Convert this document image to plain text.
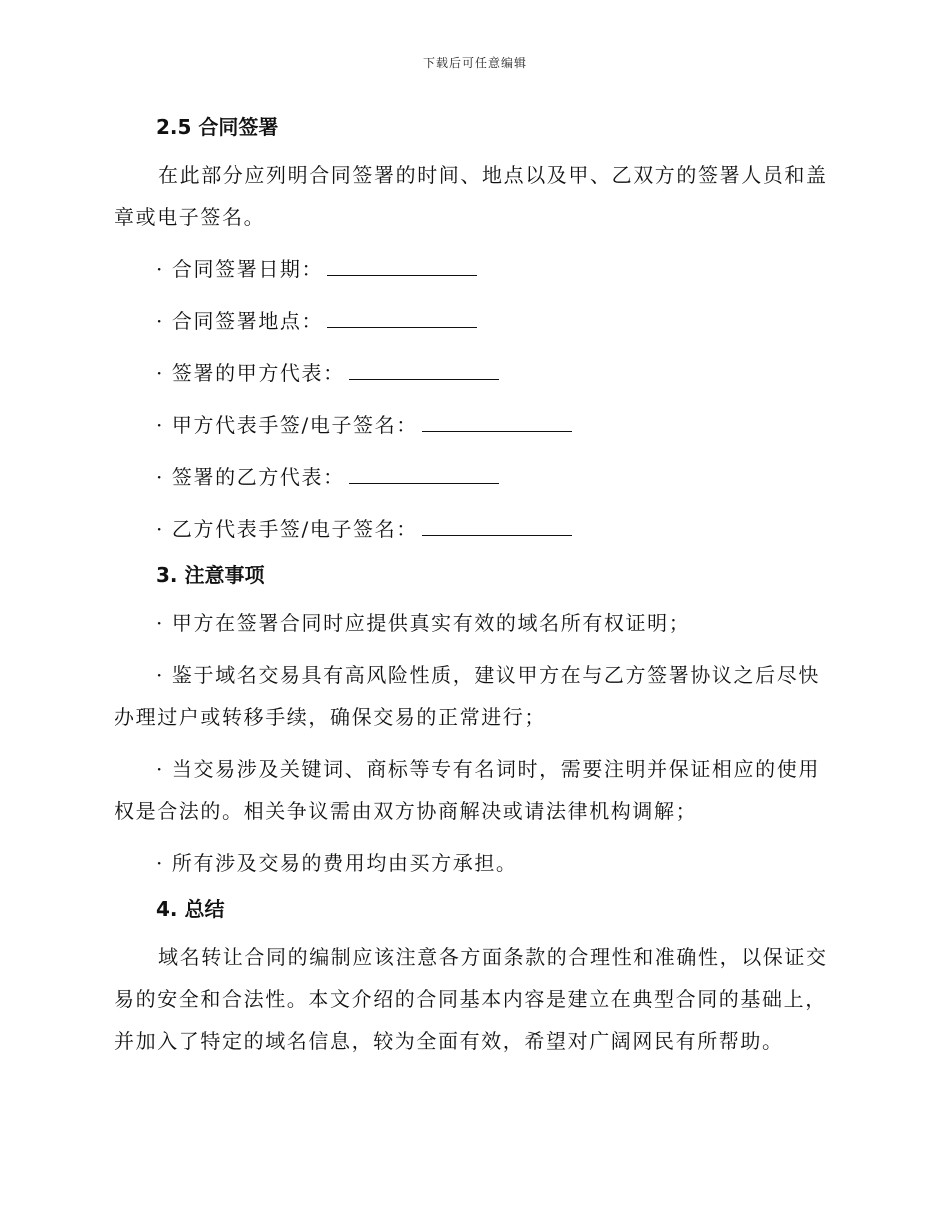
下载后可任意编辑
2.5 合同签署
在此部分应列明合同签署的时间、地点以及甲、乙双方的签署人员和盖章或电子签名。
· 合同签署日期：
· 合同签署地点：
· 签署的甲方代表：
· 甲方代表手签/电子签名：
· 签署的乙方代表：
· 乙方代表手签/电子签名：
3. 注意事项
· 甲方在签署合同时应提供真实有效的域名所有权证明；
· 鉴于域名交易具有高风险性质，建议甲方在与乙方签署协议之后尽快办理过户或转移手续，确保交易的正常进行；
· 当交易涉及关键词、商标等专有名词时，需要注明并保证相应的使用权是合法的。相关争议需由双方协商解决或请法律机构调解；
· 所有涉及交易的费用均由买方承担。
4. 总结
域名转让合同的编制应该注意各方面条款的合理性和准确性，以保证交易的安全和合法性。本文介绍的合同基本内容是建立在典型合同的基础上，并加入了特定的域名信息，较为全面有效，希望对广阔网民有所帮助。
